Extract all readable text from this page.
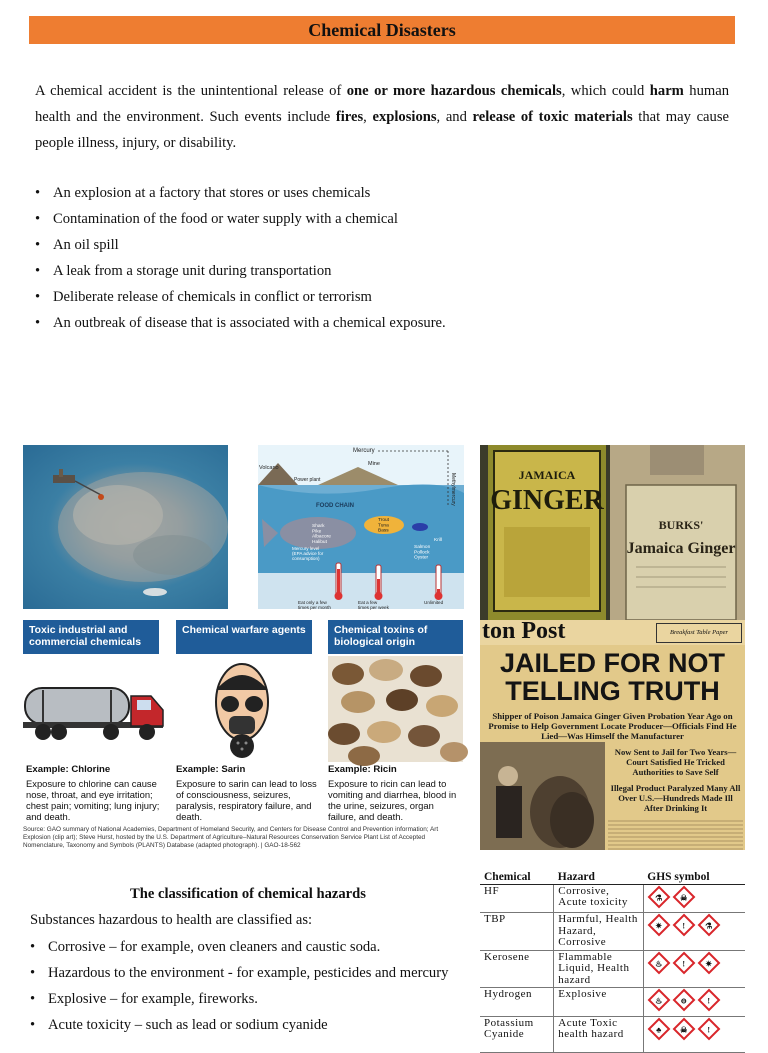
Chemical Disasters
A chemical accident is the unintentional release of one or more hazardous chemicals, which could harm human health and the environment. Such events include fires, explosions, and release of toxic materials that may cause people illness, injury, or disability.
• An explosion at a factory that stores or uses chemicals
• Contamination of the food or water supply with a chemical
• An oil spill
• A leak from a storage unit during transportation
• Deliberate release of chemicals in conflict or terrorism
• An outbreak of disease that is associated with a chemical exposure.
Mercury
Volcano
Mine
Power plant
FOOD CHAIN
Methylmercury
Shark Pike Albacore Halibut
Trout Tuna Bass
Krill
Salmon Pollock Oyster
Mercury level (EPA advice for consumption)
Eat only a few times per month
Eat a few times per week
Unlimited
JAMAICA
GINGER
BURKS'
Jamaica Ginger
Toxic industrial and commercial chemicals
Chemical warfare agents	Chemical toxins of biological origin
Example: Chlorine	Example: Sarin	Example: Ricin
Exposure to chlorine can cause nose, throat, and eye irritation; chest pain; vomiting; lung injury; and death.
Exposure to sarin can lead to loss of consciousness, seizures, paralysis, respiratory failure, and death.
Exposure to ricin can lead to vomiting and diarrhea, blood in the urine, seizures, organ failure, and death.
Source: GAO summary of National Academies, Department of Homeland Security, and Centers for Disease Control and Prevention information; Art Explosion (clip art); Steve Hurst, hosted by the U.S. Department of Agriculture–Natural Resources Conservation Service Plant List of Accepted Nomenclature, Taxonomy and Symbols (PLANTS) Database (adapted photograph). | GAO-18-562
ton Post	Breakfast Table Paper
JAILED FOR NOT
TELLING TRUTH
Shipper of Poison Jamaica Ginger Given Probation Year Ago on Promise to Help Government Locate Producer—Officials Find He Lied—Was Himself the Manufacturer
Now Sent to Jail for Two Years—Court Satisfied He Tricked Authorities to Save Self
Illegal Product Paralyzed Many All Over U.S.—Hundreds Made Ill After Drinking It
The classification of chemical hazards
Substances hazardous to health are classified as:
• Corrosive – for example, oven cleaners and caustic soda.
• Hazardous to the environment - for example, pesticides and mercury
• Explosive – for example, fireworks.
• Acute toxicity – such as lead or sodium cyanide
Chemical	Hazard	GHS symbol
HF	Corrosive, Acute toxicity	⚗ ☠

TBP	Harmful, Health Hazard, Corrosive	✷ ! ⚗

Kerosene	Flammable Liquid, Health hazard	♨ ! ✷

Hydrogen	Explosive	♨ ⊖ !

Potassium Cyanide	Acute Toxic health hazard	♣ ☠ !
